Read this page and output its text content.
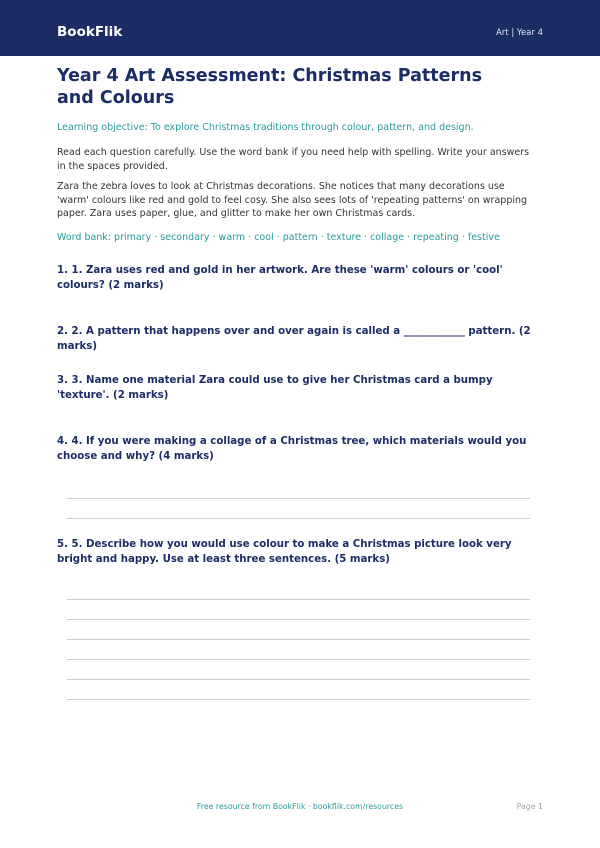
BookFlik	Art | Year 4
Year 4 Art Assessment: Christmas Patterns and Colours
Learning objective: To explore Christmas traditions through colour, pattern, and design.

Read each question carefully. Use the word bank if you need help with spelling. Write your answers in the spaces provided.

Zara the zebra loves to look at Christmas decorations. She notices that many decorations use 'warm' colours like red and gold to feel cosy. She also sees lots of 'repeating patterns' on wrapping paper. Zara uses paper, glue, and glitter to make her own Christmas cards.

Word bank: primary · secondary · warm · cool · pattern · texture · collage · repeating · festive

1. 1. Zara uses red and gold in her artwork. Are these 'warm' colours or 'cool' colours? (2 marks)

2. 2. A pattern that happens over and over again is called a ____________ pattern. (2 marks)

3. 3. Name one material Zara could use to give her Christmas card a bumpy 'texture'. (2 marks)

4. 4. If you were making a collage of a Christmas tree, which materials would you choose and why? (4 marks)

5. 5. Describe how you would use colour to make a Christmas picture look very bright and happy. Use at least three sentences. (5 marks)

Free resource from BookFlik · bookflik.com/resources	Page 1
